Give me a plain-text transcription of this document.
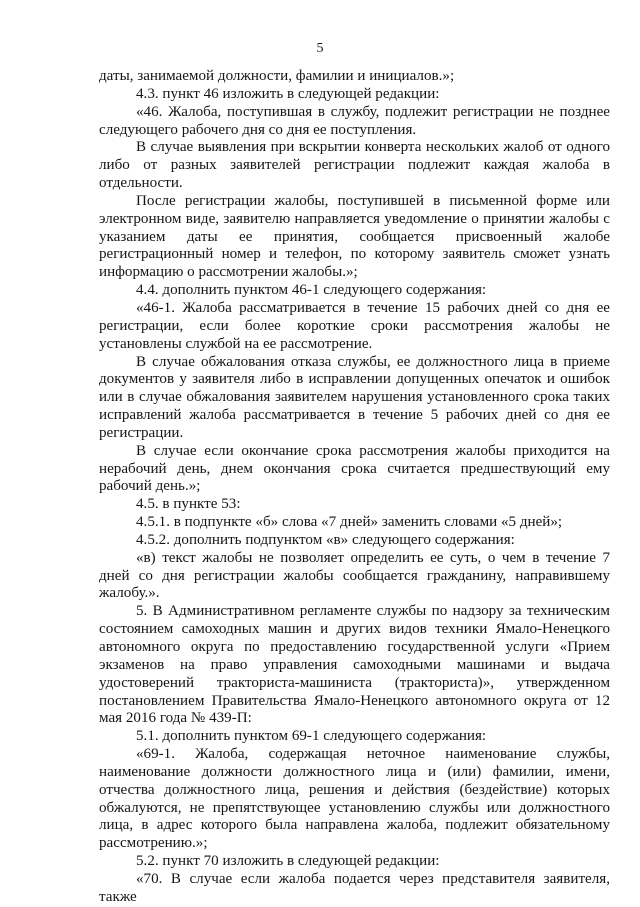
5

даты, занимаемой должности, фамилии и инициалов.»;

4.3. пункт 46 изложить в следующей редакции:

«46. Жалоба, поступившая в службу, подлежит регистрации не позднее следующего рабочего дня со дня ее поступления.

В случае выявления при вскрытии конверта нескольких жалоб от одного либо от разных заявителей регистрации подлежит каждая жалоба в отдельности.

После регистрации жалобы, поступившей в письменной форме или электронном виде, заявителю направляется уведомление о принятии жалобы с указанием даты ее принятия, сообщается присвоенный жалобе регистрационный номер и телефон, по которому заявитель сможет узнать информацию о рассмотрении жалобы.»;

4.4. дополнить пунктом 46-1 следующего содержания:

«46-1. Жалоба рассматривается в течение 15 рабочих дней со дня ее регистрации, если более короткие сроки рассмотрения жалобы не установлены службой на ее рассмотрение.

В случае обжалования отказа службы, ее должностного лица в приеме документов у заявителя либо в исправлении допущенных опечаток и ошибок или в случае обжалования заявителем нарушения установленного срока таких исправлений жалоба рассматривается в течение 5 рабочих дней со дня ее регистрации.

В случае если окончание срока рассмотрения жалобы приходится на нерабочий день, днем окончания срока считается предшествующий ему рабочий день.»;

4.5. в пункте 53:

4.5.1. в подпункте «б» слова «7 дней» заменить словами «5 дней»;

4.5.2. дополнить подпунктом «в» следующего содержания:

«в) текст жалобы не позволяет определить ее суть, о чем в течение 7 дней со дня регистрации жалобы сообщается гражданину, направившему жалобу.».

5. В Административном регламенте службы по надзору за техническим состоянием самоходных машин и других видов техники Ямало-Ненецкого автономного округа по предоставлению государственной услуги «Прием экзаменов на право управления самоходными машинами и выдача удостоверений тракториста-машиниста (тракториста)», утвержденном постановлением Правительства Ямало-Ненецкого автономного округа от 12 мая 2016 года № 439-П:

5.1. дополнить пунктом 69-1 следующего содержания:

«69-1. Жалоба, содержащая неточное наименование службы, наименование должности должностного лица и (или) фамилии, имени, отчества должностного лица, решения и действия (бездействие) которых обжалуются, не препятствующее установлению службы или должностного лица, в адрес которого была направлена жалоба, подлежит обязательному рассмотрению.»;

5.2. пункт 70 изложить в следующей редакции:

«70. В случае если жалоба подается через представителя заявителя, также
